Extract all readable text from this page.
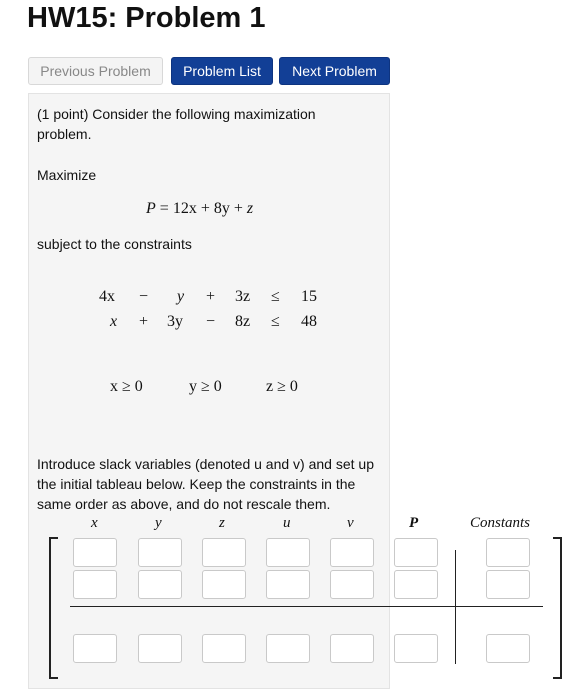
HW15: Problem 1
Previous Problem	Problem List	Next Problem
(1 point) Consider the following maximization
problem.
Maximize
P = 12x + 8y + z
subject to the constraints
4x − y + 3z ≤ 15
x + 3y − 8z ≤ 48
x ≥ 0	y ≥ 0	z ≥ 0
Introduce slack variables (denoted u and v) and set up
the initial tableau below. Keep the constraints in the
same order as above, and do not rescale them.
x	y	z	u	v	P	Constants
